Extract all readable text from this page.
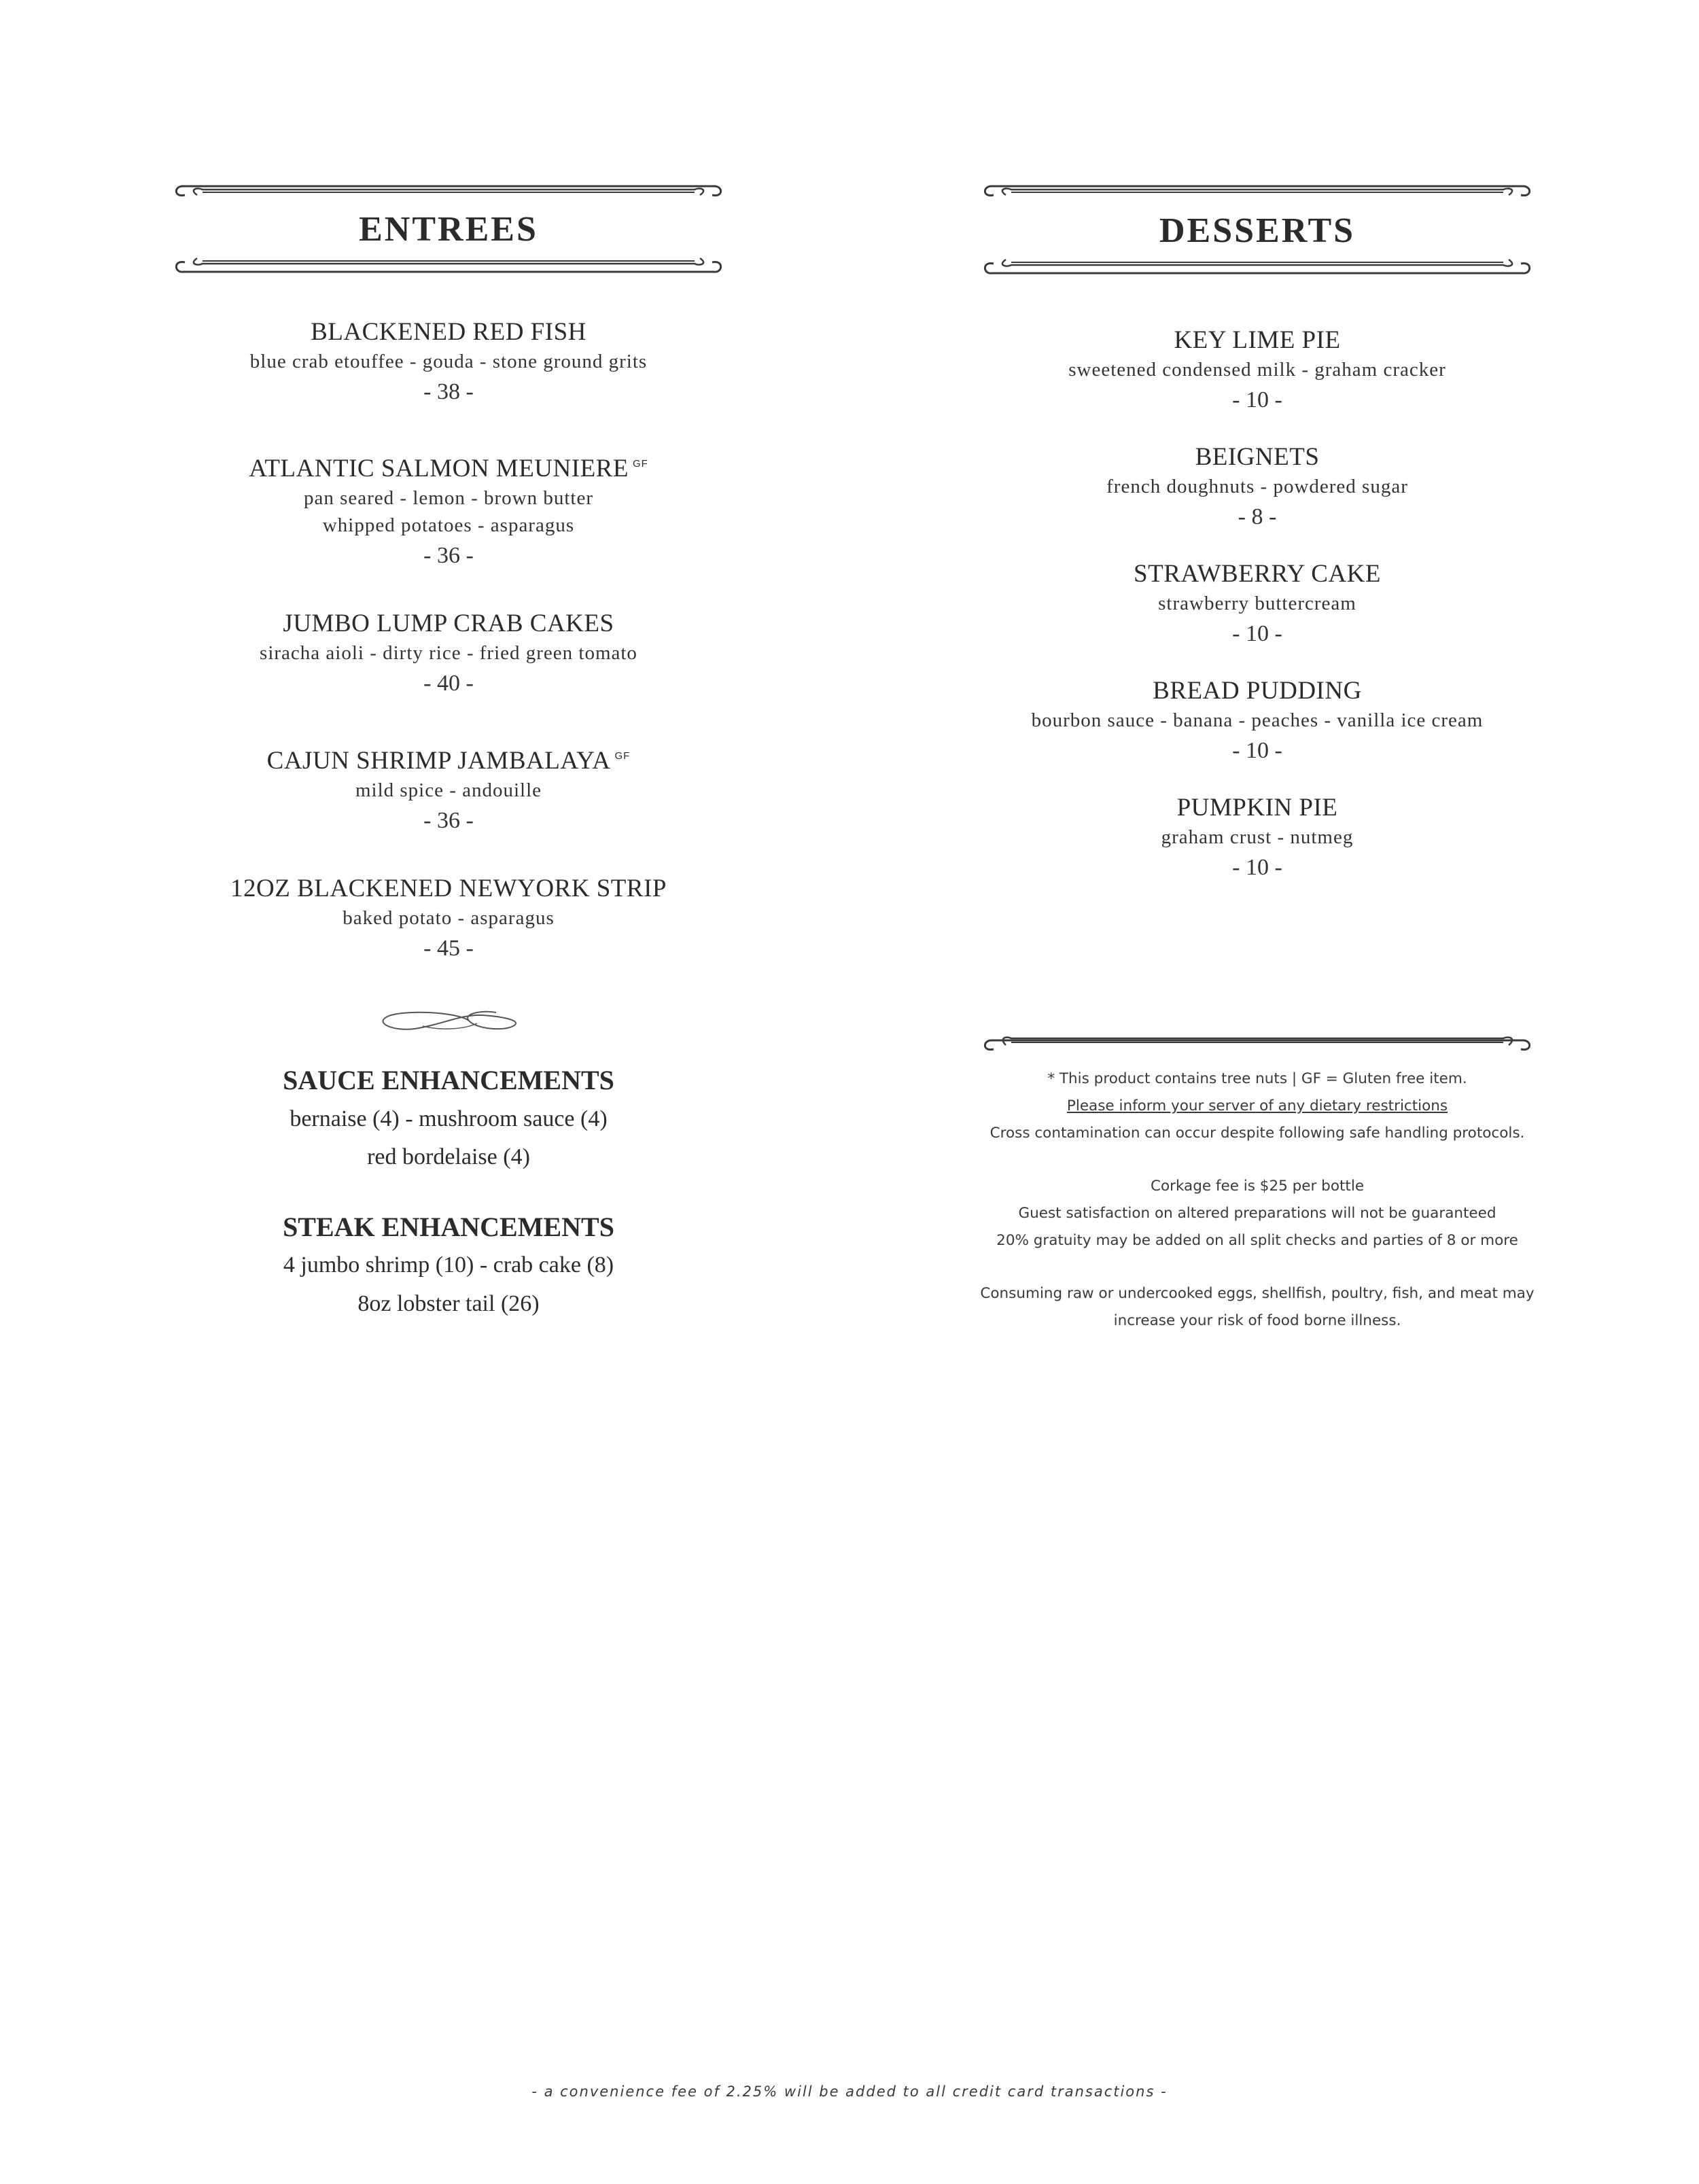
ENTREES
BLACKENED RED FISH
blue crab etouffee - gouda - stone ground grits
- 38 -
ATLANTIC SALMON MEUNIERE $^{GF}$
pan seared - lemon - brown butter
whipped potatoes - asparagus
- 36 -
JUMBO LUMP CRAB CAKES
siracha aioli - dirty rice - fried green tomato
- 40 -
CAJUN SHRIMP JAMBALAYA $^{GF}$
mild spice - andouille
- 36 -
12OZ BLACKENED NEWYORK STRIP
baked potato - asparagus
- 45 -
SAUCE ENHANCEMENTS
bernaise (4) - mushroom sauce (4)
red bordelaise (4)
STEAK ENHANCEMENTS
4 jumbo shrimp (10) - crab cake (8)
8oz lobster tail (26)
DESSERTS
KEY LIME PIE
sweetened condensed milk - graham cracker
- 10 -
BEIGNETS
french doughnuts - powdered sugar
- 8 -
STRAWBERRY CAKE
strawberry buttercream
- 10 -
BREAD PUDDING
bourbon sauce - banana - peaches - vanilla ice cream
- 10 -
PUMPKIN PIE
graham crust - nutmeg
- 10 -
* This product contains tree nuts | GF = Gluten free item.
Please inform your server of any dietary restrictions
Cross contamination can occur despite following safe handling protocols.
Corkage fee is $25 per bottle
Guest satisfaction on altered preparations will not be guaranteed
20% gratuity may be added on all split checks and parties of 8 or more
Consuming raw or undercooked eggs, shellfish, poultry, fish, and meat may
increase your risk of food borne illness.
- a convenience fee of 2.25% will be added to all credit card transactions -
